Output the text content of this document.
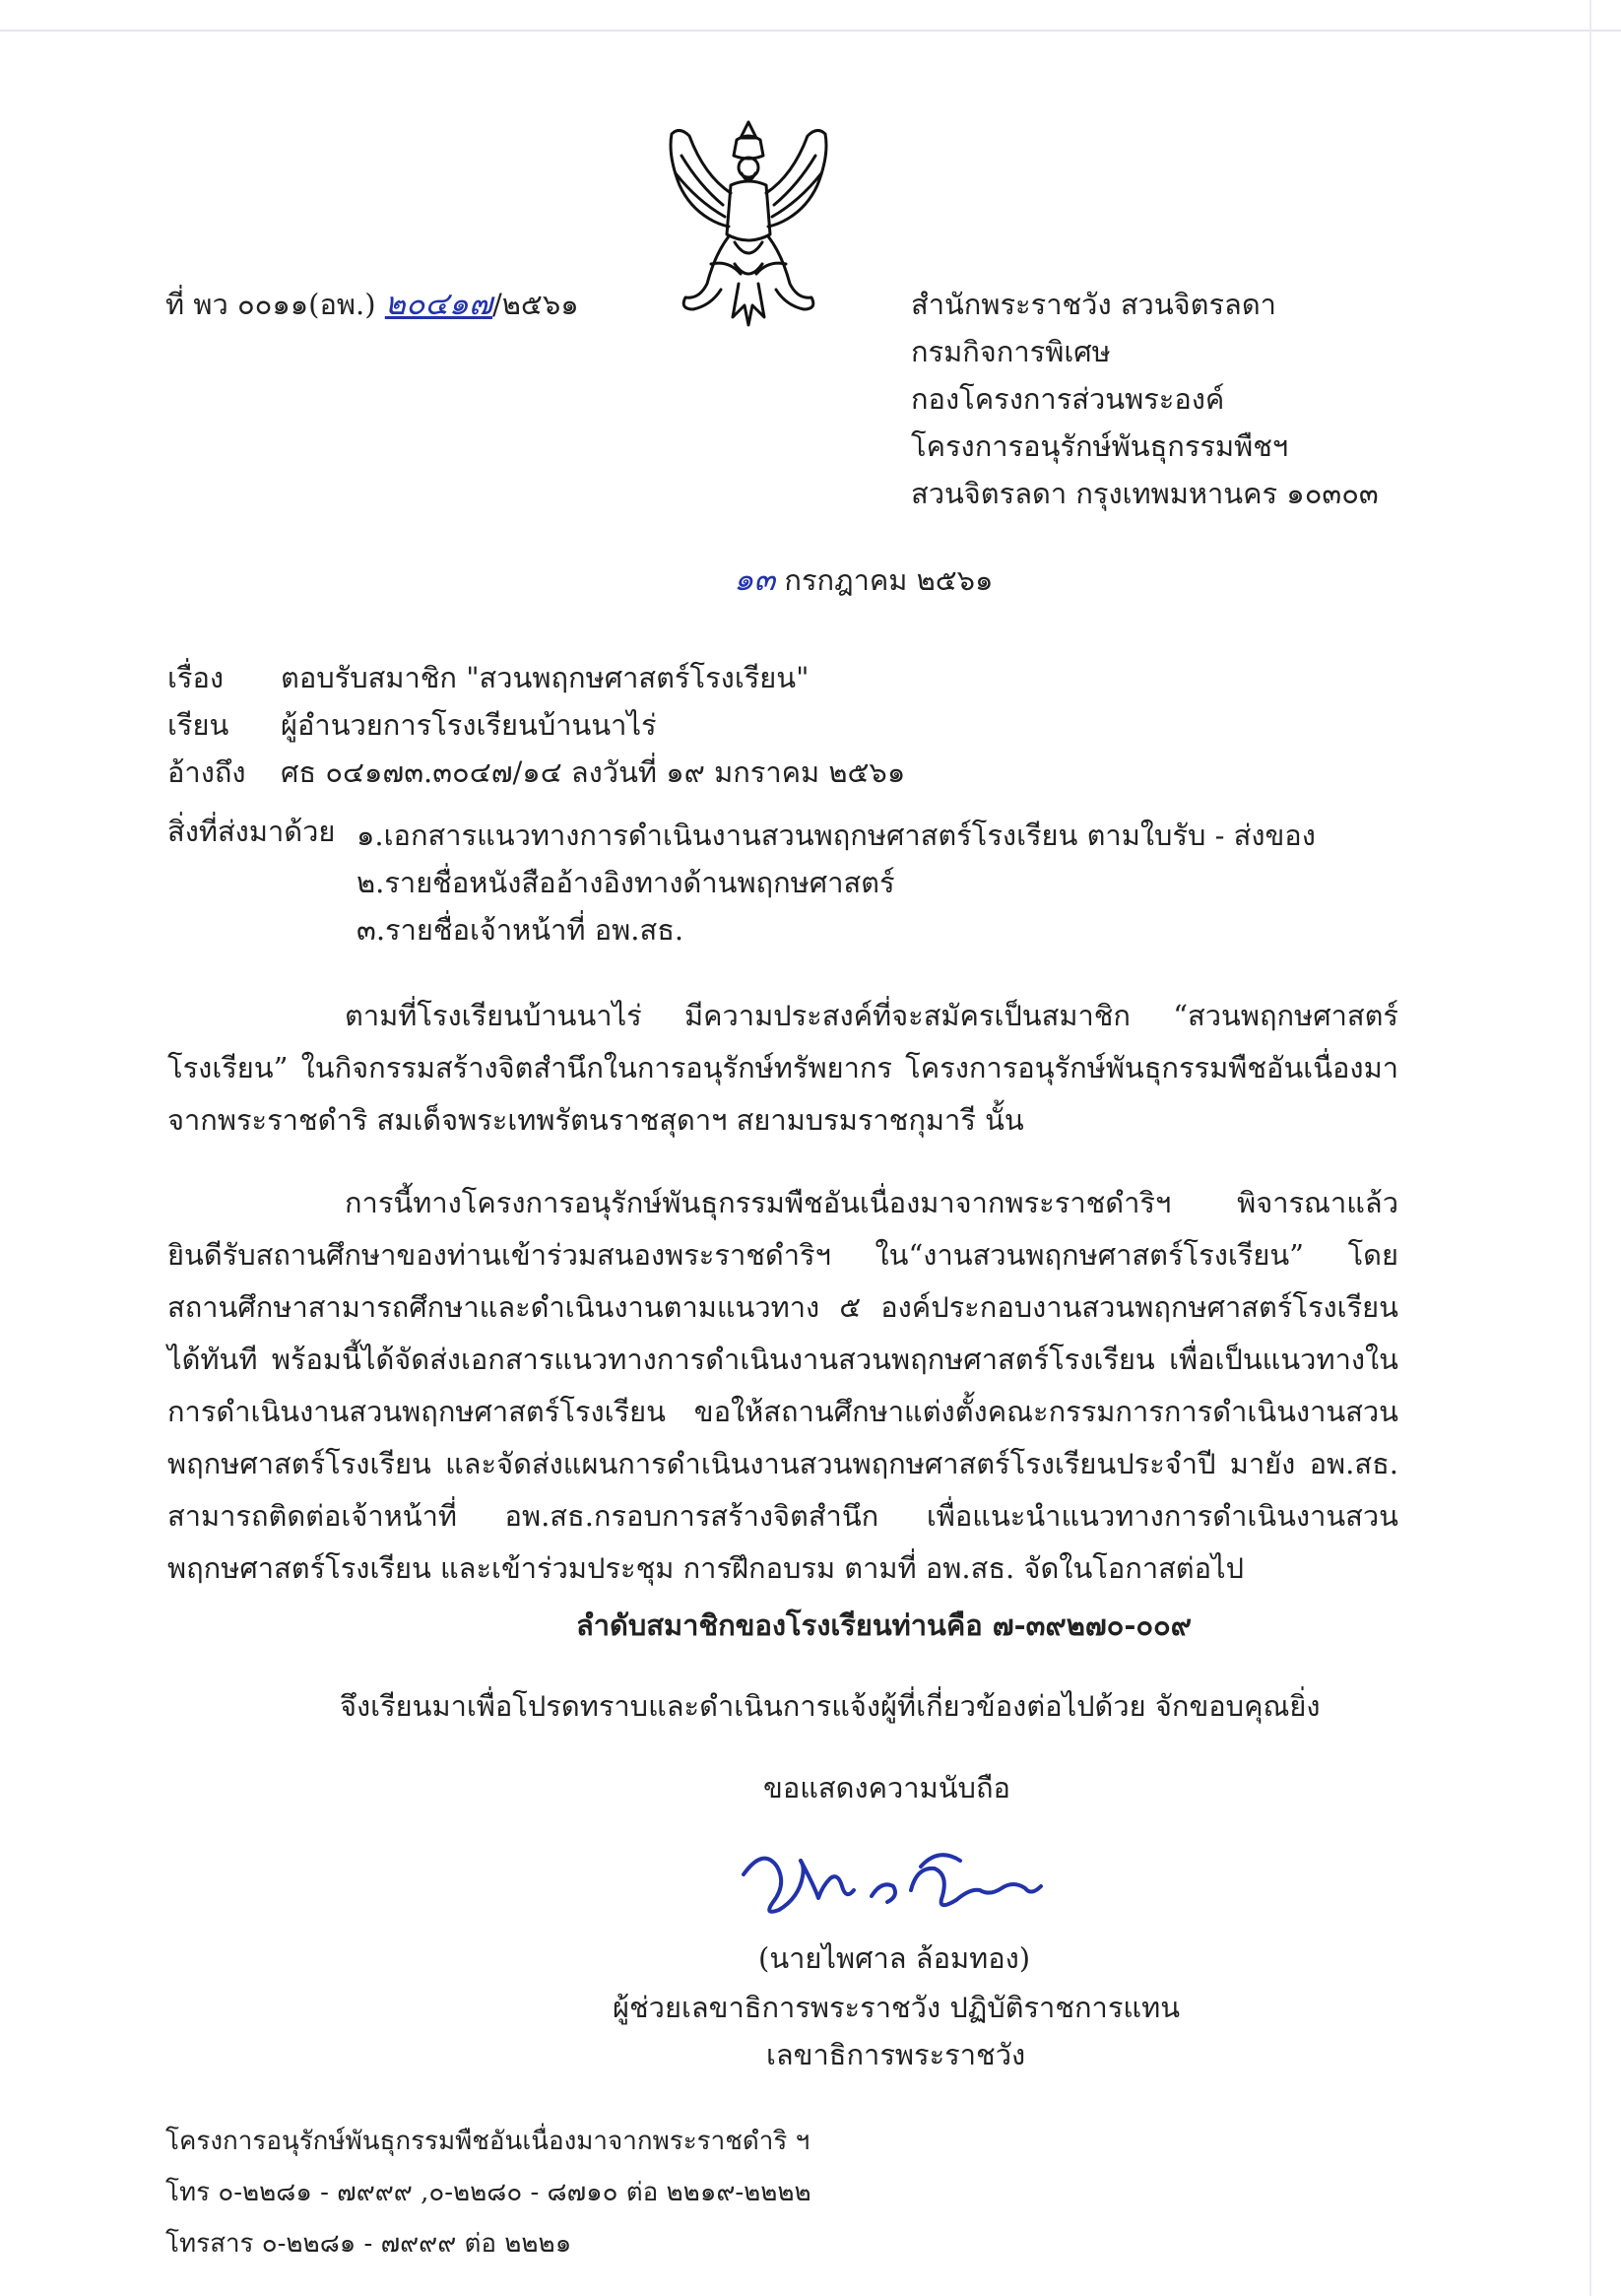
ที่ พว ๐๐๑๑(อพ.) ๒๐๔๑๗/๒๕๖๑	สำนักพระราชวัง สวนจิตรลดา
กรมกิจการพิเศษ
กองโครงการส่วนพระองค์
โครงการอนุรักษ์พันธุกรรมพืชฯ
สวนจิตรลดา กรุงเทพมหานคร ๑๐๓๐๓
๑๓ กรกฎาคม ๒๕๖๑
เรื่อง ตอบรับสมาชิก "สวนพฤกษศาสตร์โรงเรียน"
เรียน ผู้อำนวยการโรงเรียนบ้านนาไร่
อ้างถึง ศธ ๐๔๑๗๓.๓๐๔๗/๑๔ ลงวันที่ ๑๙ มกราคม ๒๕๖๑
สิ่งที่ส่งมาด้วย ๑.เอกสารแนวทางการดำเนินงานสวนพฤกษศาสตร์โรงเรียน ตามใบรับ - ส่งของ
๒.รายชื่อหนังสืออ้างอิงทางด้านพฤกษศาสตร์
๓.รายชื่อเจ้าหน้าที่ อพ.สธ.
ตามที่โรงเรียนบ้านนาไร่ มีความประสงค์ที่จะสมัครเป็นสมาชิก “สวนพฤกษศาสตร์โรงเรียน” ในกิจกรรมสร้างจิตสำนึกในการอนุรักษ์ทรัพยากร โครงการอนุรักษ์พันธุกรรมพืชอันเนื่องมาจากพระราชดำริ สมเด็จพระเทพรัตนราชสุดาฯ สยามบรมราชกุมารี นั้น
การนี้ทางโครงการอนุรักษ์พันธุกรรมพืชอันเนื่องมาจากพระราชดำริฯ พิจารณาแล้ว ยินดีรับสถานศึกษาของท่านเข้าร่วมสนองพระราชดำริฯ ใน“งานสวนพฤกษศาสตร์โรงเรียน” โดยสถานศึกษาสามารถศึกษาและดำเนินงานตามแนวทาง ๕ องค์ประกอบงานสวนพฤกษศาสตร์โรงเรียนได้ทันที พร้อมนี้ได้จัดส่งเอกสารแนวทางการดำเนินงานสวนพฤกษศาสตร์โรงเรียน เพื่อเป็นแนวทางในการดำเนินงานสวนพฤกษศาสตร์โรงเรียน ขอให้สถานศึกษาแต่งตั้งคณะกรรมการการดำเนินงานสวนพฤกษศาสตร์โรงเรียน และจัดส่งแผนการดำเนินงานสวนพฤกษศาสตร์โรงเรียนประจำปี มายัง อพ.สธ. สามารถติดต่อเจ้าหน้าที่ อพ.สธ.กรอบการสร้างจิตสำนึก เพื่อแนะนำแนวทางการดำเนินงานสวนพฤกษศาสตร์โรงเรียน และเข้าร่วมประชุม การฝึกอบรม ตามที่ อพ.สธ. จัดในโอกาสต่อไป
ลำดับสมาชิกของโรงเรียนท่านคือ ๗-๓๙๒๗๐-๐๐๙
จึงเรียนมาเพื่อโปรดทราบและดำเนินการแจ้งผู้ที่เกี่ยวข้องต่อไปด้วย จักขอบคุณยิ่ง
ขอแสดงความนับถือ
(นายไพศาล ล้อมทอง)
ผู้ช่วยเลขาธิการพระราชวัง ปฏิบัติราชการแทน
เลขาธิการพระราชวัง
โครงการอนุรักษ์พันธุกรรมพืชอันเนื่องมาจากพระราชดำริ ฯ
โทร ๐-๒๒๘๑ - ๗๙๙๙ ,๐-๒๒๘๐ - ๘๗๑๐ ต่อ ๒๒๑๙-๒๒๒๒
โทรสาร ๐-๒๒๘๑ - ๗๙๙๙ ต่อ ๒๒๒๑
